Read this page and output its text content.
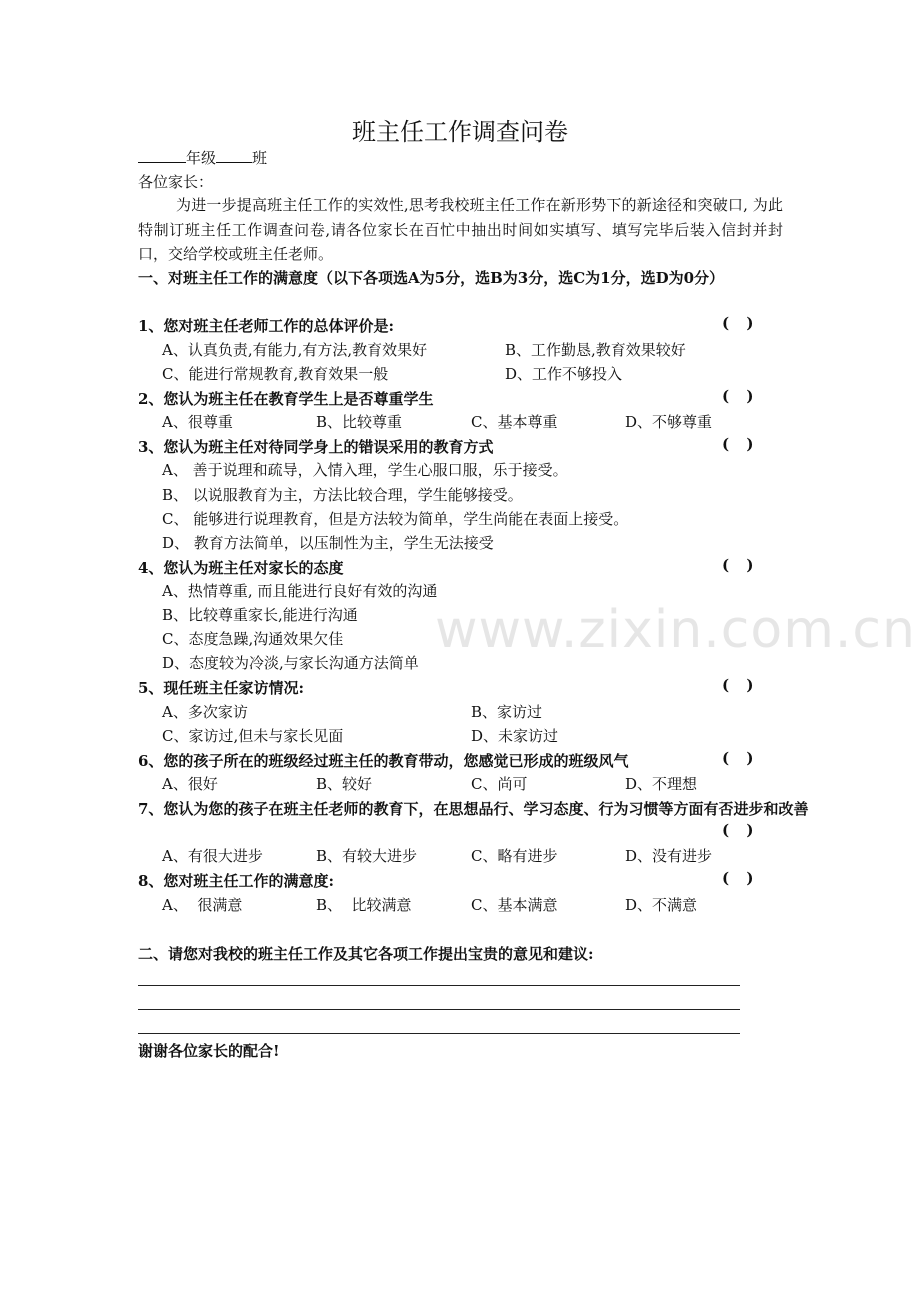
www.zixin.com.cn
班主任工作调查问卷
年级 班
各位家长：
为进一步提高班主任工作的实效性,思考我校班主任工作在新形势下的新途径和突破口, 为此特制订班主任工作调查问卷,请各位家长在百忙中抽出时间如实填写、填写完毕后装入信封并封口，交给学校或班主任老师。
一、对班主任工作的满意度（以下各项选A为5分，选B为3分，选C为1分，选D为0分）
1、您对班主任老师工作的总体评价是:	( )
A、认真负责,有能力,有方法,教育效果好	B、工作勤恳,教育效果较好
C、能进行常规教育,教育效果一般	D、工作不够投入
2、您认为班主任在教育学生上是否尊重学生	( )
A、很尊重	B、比较尊重	C、基本尊重	D、不够尊重
3、您认为班主任对待同学身上的错误采用的教育方式	( )
A、 善于说理和疏导，入情入理，学生心服口服，乐于接受。
B、 以说服教育为主，方法比较合理，学生能够接受。
C、 能够进行说理教育，但是方法较为简单，学生尚能在表面上接受。
D、 教育方法简单，以压制性为主，学生无法接受
4、您认为班主任对家长的态度	( )
A、热情尊重, 而且能进行良好有效的沟通
B、比较尊重家长,能进行沟通
C、态度急躁,沟通效果欠佳
D、态度较为冷淡,与家长沟通方法简单
5、现任班主任家访情况:	( )
A、多次家访	B、家访过
C、家访过,但未与家长见面	D、未家访过
6、您的孩子所在的班级经过班主任的教育带动，您感觉已形成的班级风气	( )
A、很好	B、较好	C、尚可	D、不理想
7、您认为您的孩子在班主任老师的教育下，在思想品行、学习态度、行为习惯等方面有否进步和改善
( )
A、有很大进步	B、有较大进步	C、略有进步	D、没有进步
8、您对班主任工作的满意度:	( )
A、  很满意	B、  比较满意	C、基本满意	D、不满意
二、请您对我校的班主任工作及其它各项工作提出宝贵的意见和建议:
谢谢各位家长的配合!
